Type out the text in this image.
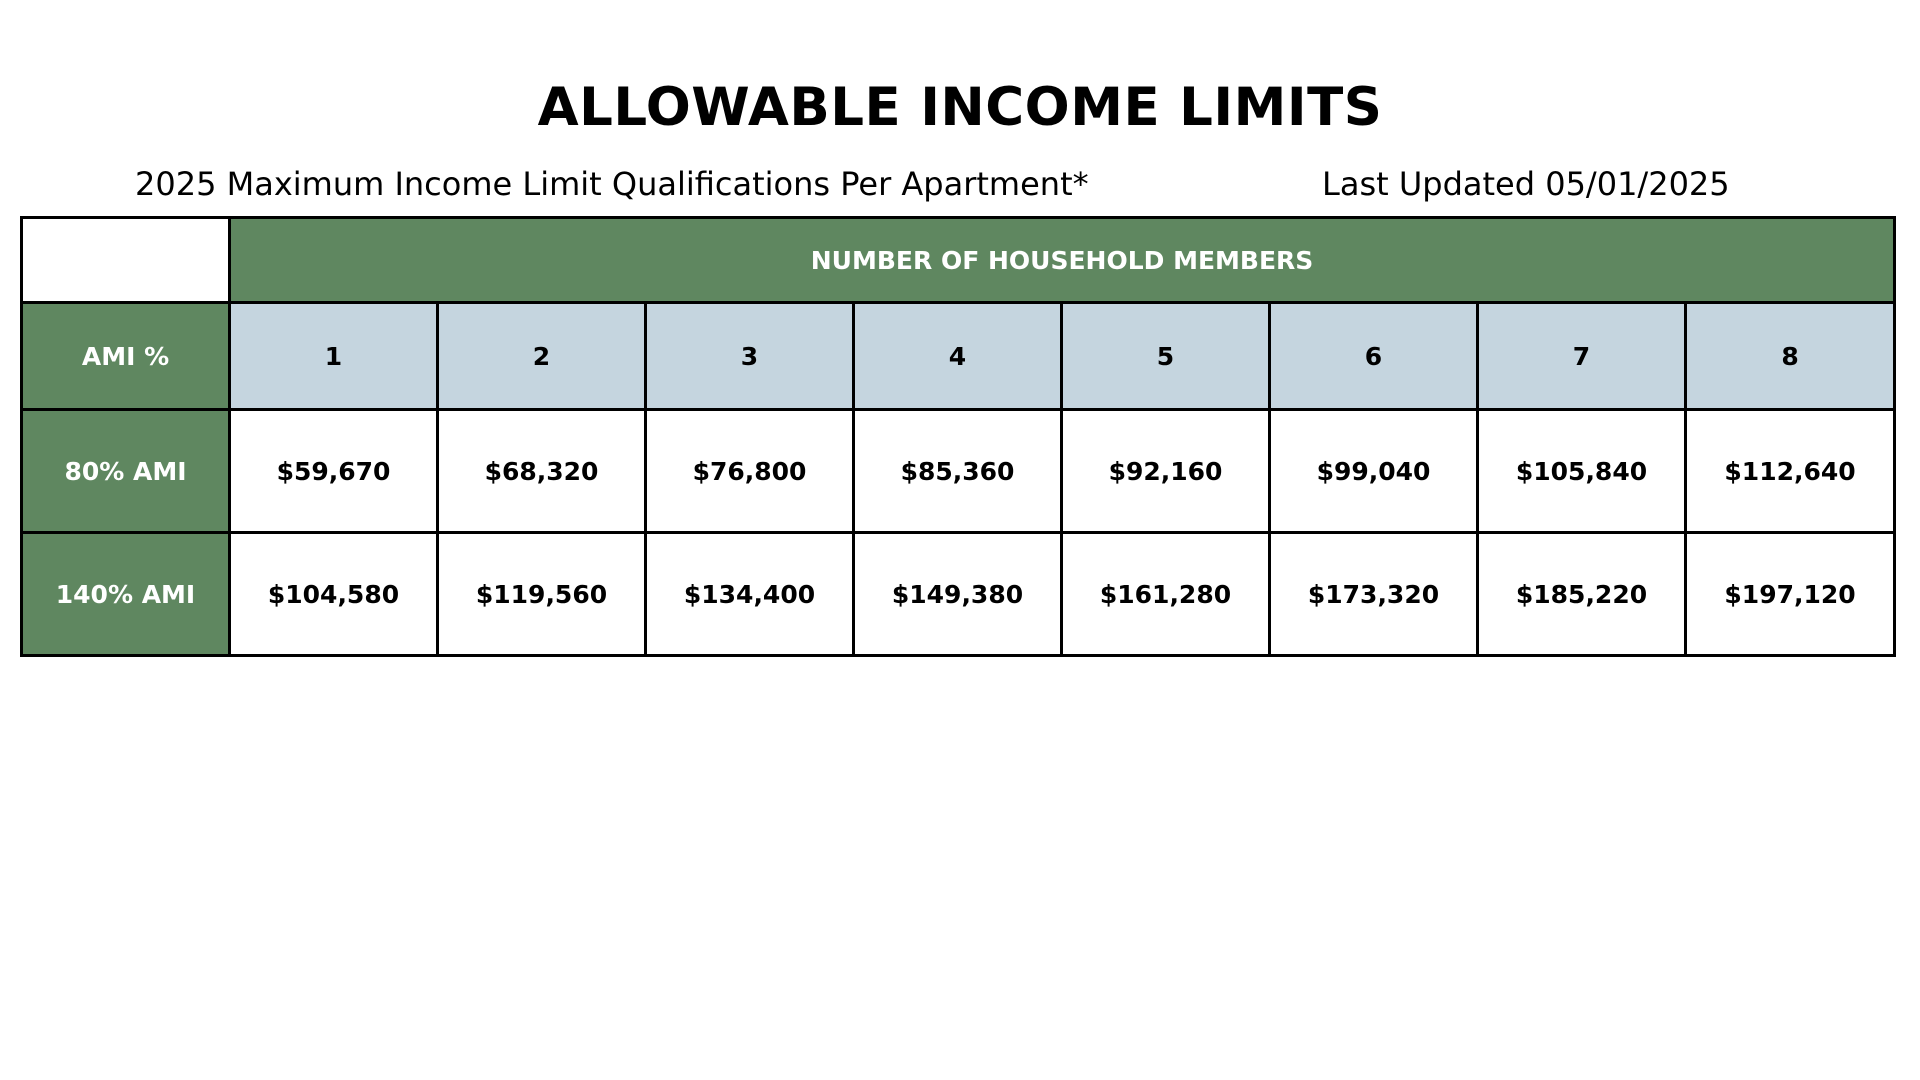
ALLOWABLE INCOME LIMITS
2025 Maximum Income Limit Qualifications Per Apartment*	Last Updated 05/01/2025
	NUMBER OF HOUSEHOLD MEMBERS							
AMI %	1	2	3	4	5	6	7	8
80% AMI	$59,670	$68,320	$76,800	$85,360	$92,160	$99,040	$105,840	$112,640
140% AMI	$104,580	$119,560	$134,400	$149,380	$161,280	$173,320	$185,220	$197,120
